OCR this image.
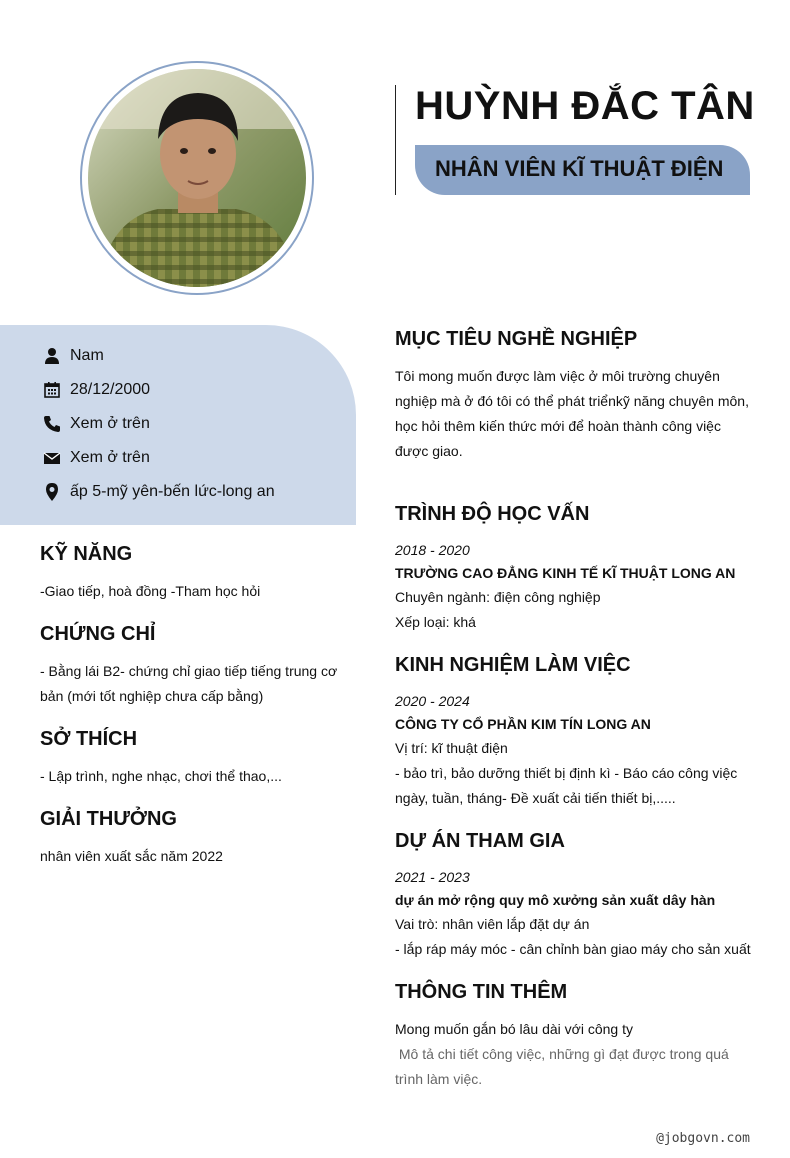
HUỲNH ĐẮC TÂN
NHÂN VIÊN KĨ THUẬT ĐIỆN
Nam
28/12/2000
Xem ở trên
Xem ở trên
ấp 5-mỹ yên-bến lức-long an
KỸ NĂNG
-Giao tiếp, hoà đồng -Tham học hỏi
CHỨNG CHỈ
- Bằng lái B2- chứng chỉ giao tiếp tiếng trung cơ
bản (mới tốt nghiệp chưa cấp bằng)
SỞ THÍCH
- Lập trình, nghe nhạc, chơi thể thao,...
GIẢI THƯỞNG
nhân viên xuất sắc năm 2022
MỤC TIÊU NGHỀ NGHIỆP
Tôi mong muốn được làm việc ở môi trường chuyên
nghiệp mà ở đó tôi có thể phát triểnkỹ năng chuyên môn,
học hỏi thêm kiến thức mới để hoàn thành công việc
được giao.
TRÌNH ĐỘ HỌC VẤN
2018 - 2020
TRƯỜNG CAO ĐẲNG KINH TẾ KĨ THUẬT LONG AN
Chuyên ngành: điện công nghiệp
Xếp loại: khá
KINH NGHIỆM LÀM VIỆC
2020 - 2024
CÔNG TY CỔ PHẦN KIM TÍN LONG AN
Vị trí: kĩ thuật điện
- bảo trì, bảo dưỡng thiết bị định kì - Báo cáo công việc
ngày, tuần, tháng- Đề xuất cải tiến thiết bị,.....
DỰ ÁN THAM GIA
2021 - 2023
dự án mở rộng quy mô xưởng sản xuất dây hàn
Vai trò: nhân viên lắp đặt dự án
- lắp ráp máy móc - cân chỉnh bàn giao máy cho sản xuất
THÔNG TIN THÊM
Mong muốn gắn bó lâu dài với công ty
Mô tả chi tiết công việc, những gì đạt được trong quá
trình làm việc.
@jobgovn.com
